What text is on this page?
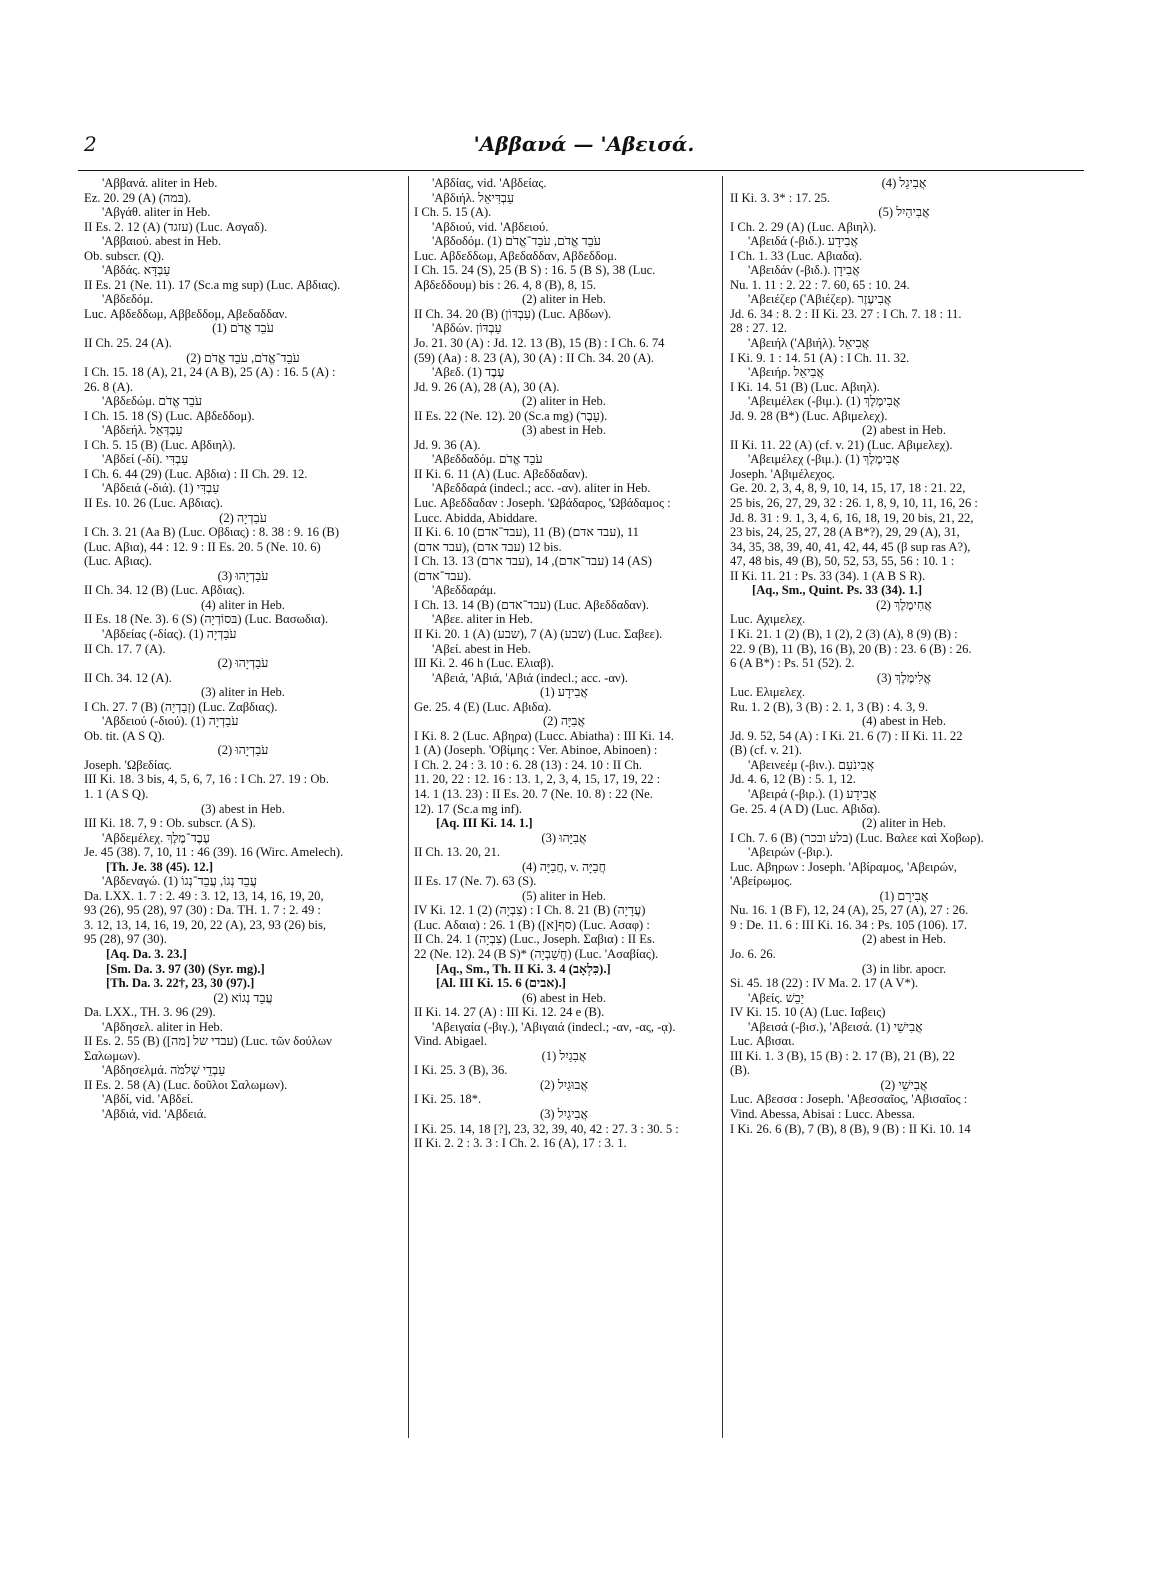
2	'Αββανά — 'Αβεισά.
'Αββανά. aliter in Heb.
Ez. 20. 29 (A) (בּמה).
'Αβγάθ. aliter in Heb.
II Es. 2. 12 (A) (עזגד) (Luc. Ασγαδ).
'Αββαιού. abest in Heb.
Ob. subscr. (Q).
'Αβδάς. עַבְדָּא
II Es. 21 (Ne. 11). 17 (Sc.a mg sup) (Luc. Αβδιας).
'Αβδεδόμ.
Luc. Αβδεδδωμ, Αββεδδομ, Αβεδαδδαν.
(1) עֹבֵד אֱדֹם
II Ch. 25. 24 (A).
(2) עֹבֵד־אֱדֹם, עֹבֵד אֱדֹם
I Ch. 15. 18 (A), 21, 24 (A B), 25 (A) : 16. 5 (A) :
26. 8 (A).
'Αβδεδώμ. עֹבֵד אֱדֹם
I Ch. 15. 18 (S) (Luc. Αβδεδδομ).
'Αβδεήλ. עַבְדְּאֵל
I Ch. 5. 15 (B) (Luc. Αβδιηλ).
'Αβδεί (-δί). עַבְדִּי
I Ch. 6. 44 (29) (Luc. Αβδια) : II Ch. 29. 12.
'Αβδειά (-διά). (1) עַבְדִּי
II Es. 10. 26 (Luc. Αβδιας).
(2) עֹבַדְיָה
I Ch. 3. 21 (Aa B) (Luc. Οβδιας) : 8. 38 : 9. 16 (B)
(Luc. Αβια), 44 : 12. 9 : II Es. 20. 5 (Ne. 10. 6)
(Luc. Αβιας).
(3) עֹבַדְיָהוּ
II Ch. 34. 12 (B) (Luc. Αβδιας).
(4) aliter in Heb.
II Es. 18 (Ne. 3). 6 (S) (בּסוֹדְיָה) (Luc. Βασωδια).
'Αβδείας (-δίας). (1) עֹבַדְיָה
II Ch. 17. 7 (A).
(2) עֹבַדְיָהוּ
II Ch. 34. 12 (A).
(3) aliter in Heb.
I Ch. 27. 7 (B) (זְבַדְיָה) (Luc. Ζαβδιας).
'Αβδειού (-διού). (1) עֹבַדְיָה
Ob. tit. (A S Q).
(2) עֹבַדְיָהוּ
Joseph. 'Ωβεδίας.
III Ki. 18. 3 bis, 4, 5, 6, 7, 16 : I Ch. 27. 19 : Ob.
1. 1 (A S Q).
(3) abest in Heb.
III Ki. 18. 7, 9 : Ob. subscr. (A S).
'Αβδεμέλεχ. עֶבֶד־מֶלֶךְ
Je. 45 (38). 7, 10, 11 : 46 (39). 16 (Wirc. Amelech).
[Th. Je. 38 (45). 12.]
'Αβδεναγώ. (1) עֲבֵד נְגוֹ, עֲבֵד־נְגוֹ
Da. LXX. 1. 7 : 2. 49 : 3. 12, 13, 14, 16, 19, 20,
93 (26), 95 (28), 97 (30) : Da. TH. 1. 7 : 2. 49 :
3. 12, 13, 14, 16, 19, 20, 22 (A), 23, 93 (26) bis,
95 (28), 97 (30).
[Aq. Da. 3. 23.]
[Sm. Da. 3. 97 (30) (Syr. mg).]
[Th. Da. 3. 22†, 23, 30 (97).]
(2) עֲבֵד נְגוֹא
Da. LXX., TH. 3. 96 (29).
'Αβδησελ. aliter in Heb.
II Es. 2. 55 (B) ([מה] עבדי של) (Luc. τῶν δούλων
Σαλωμων).
'Αβδησελμά. עַבְדֵי שְׁלֹמֹה
II Es. 2. 58 (A) (Luc. δοῦλοι Σαλωμων).
'Αβδί, vid. 'Αβδεί.
'Αβδιά, vid. 'Αβδειά.
'Αβδίας, vid. 'Αβδείας.
'Αβδιήλ. עַבְדִּיאֵל
I Ch. 5. 15 (A).
'Αβδιού, vid. 'Αβδειού.
'Αβδοδόμ. (1) עֹבֵד אֱדֹם, עֹבֵד־אֱדֹם
Luc. Αβδεδδωμ, Αβεδαδδαν, Αβδεδδομ.
I Ch. 15. 24 (S), 25 (B S) : 16. 5 (B S), 38 (Luc.
Αβδεδδουμ) bis : 26. 4, 8 (B), 8, 15.
(2) aliter in Heb.
II Ch. 34. 20 (B) (עַבְדּוֹן) (Luc. Αβδων).
'Αβδών. עַבְדּוֹן
Jo. 21. 30 (A) : Jd. 12. 13 (B), 15 (B) : I Ch. 6. 74
(59) (Aa) : 8. 23 (A), 30 (A) : II Ch. 34. 20 (A).
'Αβεδ. (1) עֶבֶד
Jd. 9. 26 (A), 28 (A), 30 (A).
(2) aliter in Heb.
II Es. 22 (Ne. 12). 20 (Sc.a mg) (עֵבֶר).
(3) abest in Heb.
Jd. 9. 36 (A).
'Αβεδδαδόμ. עֹבֵד אֱדֹם
II Ki. 6. 11 (A) (Luc. Αβεδδαδαν).
'Αβεδδαρά (indecl.; acc. -αν). aliter in Heb.
Luc. Αβεδδαδαν : Joseph. 'Ωβάδαρος, 'Ωβάδαμος :
Lucc. Abidda, Abiddare.
II Ki. 6. 10 (עבד־אדם), 11 (B) (עבד אדם), 11
(עבד אדם), 12 (עבד אדם) bis.
I Ch. 13. 13 (עבד ארם), 14 (עבד־אדם), 14 (AS)
(עבד־אדם).
'Αβεδδαράμ.
I Ch. 13. 14 (B) (עבד־אדם) (Luc. Αβεδδαδαν).
'Αβεε. aliter in Heb.
II Ki. 20. 1 (A) (שבע), 7 (A) (שבע) (Luc. Σαβεε).
'Αβεί. abest in Heb.
III Ki. 2. 46 h (Luc. Ελιαβ).
'Αβειά, 'Αβιά, 'Αβιά (indecl.; acc. -αν).
(1) אֲבִידָע
Ge. 25. 4 (E) (Luc. Αβιδα).
(2) אֲבִיָּה
I Ki. 8. 2 (Luc. Αβηρα) (Lucc. Abiatha) : III Ki. 14.
1 (A) (Joseph. 'Οβίμης : Ver. Abinoe, Abinoen) :
I Ch. 2. 24 : 3. 10 : 6. 28 (13) : 24. 10 : II Ch.
11. 20, 22 : 12. 16 : 13. 1, 2, 3, 4, 15, 17, 19, 22 :
14. 1 (13. 23) : II Es. 20. 7 (Ne. 10. 8) : 22 (Ne.
12). 17 (Sc.a mg inf).
[Aq. III Ki. 14. 1.]
(3) אֲבִיָּהוּ
II Ch. 13. 20, 21.
(4) חֲבַיָּה, v. חֲבַיָּה
II Es. 17 (Ne. 7). 63 (S).
(5) aliter in Heb.
IV Ki. 12. 1 (2) (צִבְיָה) : I Ch. 8. 21 (B) (עֲדָיָה)
(Luc. Αδαια) : 26. 1 (B) ([א]סף) (Luc. Ασαφ) :
II Ch. 24. 1 (צִבְיָה) (Luc., Joseph. Σαβια) : II Es.
22 (Ne. 12). 24 (B S)* (חֲשַׁבְיָה) (Luc. 'Ασαβίας).
[Aq., Sm., Th. II Ki. 3. 4 (כִּלְאָב).]
[Al. III Ki. 15. 6 (אבים).]
(6) abest in Heb.
II Ki. 14. 27 (A) : III Ki. 12. 24 e (B).
'Αβειγαία (-βιγ.), 'Αβιγαιά (indecl.; -αν, -ας, -ᾳ).
Vind. Abigael.
(1) אֲבִגַיִל
I Ki. 25. 3 (B), 36.
(2) אֲבוּגַיִל
I Ki. 25. 18*.
(3) אֲבִיגַיִל
I Ki. 25. 14, 18 [?], 23, 32, 39, 40, 42 : 27. 3 : 30. 5 :
II Ki. 2. 2 : 3. 3 : I Ch. 2. 16 (A), 17 : 3. 1.
(4) אֲבִיגַל
II Ki. 3. 3* : 17. 25.
(5) אֲבִיהַיִל
I Ch. 2. 29 (A) (Luc. Αβιηλ).
'Αβειδά (-βιδ.). אֲבִידָע
I Ch. 1. 33 (Luc. Αβιαδα).
'Αβειδάν (-βιδ.). אֲבִידָן
Nu. 1. 11 : 2. 22 : 7. 60, 65 : 10. 24.
'Αβειέζερ ('Αβιέζερ). אֲבִיעֶזֶר
Jd. 6. 34 : 8. 2 : II Ki. 23. 27 : I Ch. 7. 18 : 11.
28 : 27. 12.
'Αβειήλ ('Αβιήλ). אֲבִיאֵל
I Ki. 9. 1 : 14. 51 (A) : I Ch. 11. 32.
'Αβειήρ. אֲבִיאֵל
I Ki. 14. 51 (B) (Luc. Αβιηλ).
'Αβειμέλεκ (-βιμ.). (1) אֲבִימֶלֶךְ
Jd. 9. 28 (B*) (Luc. Αβιμελεχ).
(2) abest in Heb.
II Ki. 11. 22 (A) (cf. v. 21) (Luc. Αβιμελεχ).
'Αβειμέλεχ (-βιμ.). (1) אֲבִימֶלֶךְ
Joseph. 'Αβιμέλεχος.
Ge. 20. 2, 3, 4, 8, 9, 10, 14, 15, 17, 18 : 21. 22,
25 bis, 26, 27, 29, 32 : 26. 1, 8, 9, 10, 11, 16, 26 :
Jd. 8. 31 : 9. 1, 3, 4, 6, 16, 18, 19, 20 bis, 21, 22,
23 bis, 24, 25, 27, 28 (A B*?), 29, 29 (A), 31,
34, 35, 38, 39, 40, 41, 42, 44, 45 (β sup ras A?),
47, 48 bis, 49 (B), 50, 52, 53, 55, 56 : 10. 1 :
II Ki. 11. 21 : Ps. 33 (34). 1 (A B S R).
[Aq., Sm., Quint. Ps. 33 (34). 1.]
(2) אֲחִימֶלֶךְ
Luc. Αχιμελεχ.
I Ki. 21. 1 (2) (B), 1 (2), 2 (3) (A), 8 (9) (B) :
22. 9 (B), 11 (B), 16 (B), 20 (B) : 23. 6 (B) : 26.
6 (A B*) : Ps. 51 (52). 2.
(3) אֱלִימֶלֶךְ
Luc. Ελιμελεχ.
Ru. 1. 2 (B), 3 (B) : 2. 1, 3 (B) : 4. 3, 9.
(4) abest in Heb.
Jd. 9. 52, 54 (A) : I Ki. 21. 6 (7) : II Ki. 11. 22
(B) (cf. v. 21).
'Αβεινεέμ (-βιν.). אֲבִינֹעַם
Jd. 4. 6, 12 (B) : 5. 1, 12.
'Αβειρά (-βιρ.). (1) אֲבִידָע
Ge. 25. 4 (A D) (Luc. Αβιδα).
(2) aliter in Heb.
I Ch. 7. 6 (B) (בלע ובכר) (Luc. Βαλεε καὶ Χοβωρ).
'Αβειρών (-βιρ.).
Luc. Αβηρων : Joseph. 'Αβίραμος, 'Αβειρών,
'Αβείρωμος.
(1) אֲבִירָם
Nu. 16. 1 (B F), 12, 24 (A), 25, 27 (A), 27 : 26.
9 : De. 11. 6 : III Ki. 16. 34 : Ps. 105 (106). 17.
(2) abest in Heb.
Jo. 6. 26.
(3) in libr. apocr.
Si. 45. 18 (22) : IV Ma. 2. 17 (A V*).
'Αβείς. יַבֵשׁ
IV Ki. 15. 10 (A) (Luc. Ιαβεις)
'Αβεισά (-βισ.), 'Αβεισά. (1) אֲבִישַׁי
Luc. Αβισαι.
III Ki. 1. 3 (B), 15 (B) : 2. 17 (B), 21 (B), 22
(B).
(2) אֲבִישַׁי
Luc. Αβεσσα : Joseph. 'Αβεσσαῖος, 'Αβισαῖος :
Vind. Abessa, Abisai : Lucc. Abessa.
I Ki. 26. 6 (B), 7 (B), 8 (B), 9 (B) : II Ki. 10. 14
